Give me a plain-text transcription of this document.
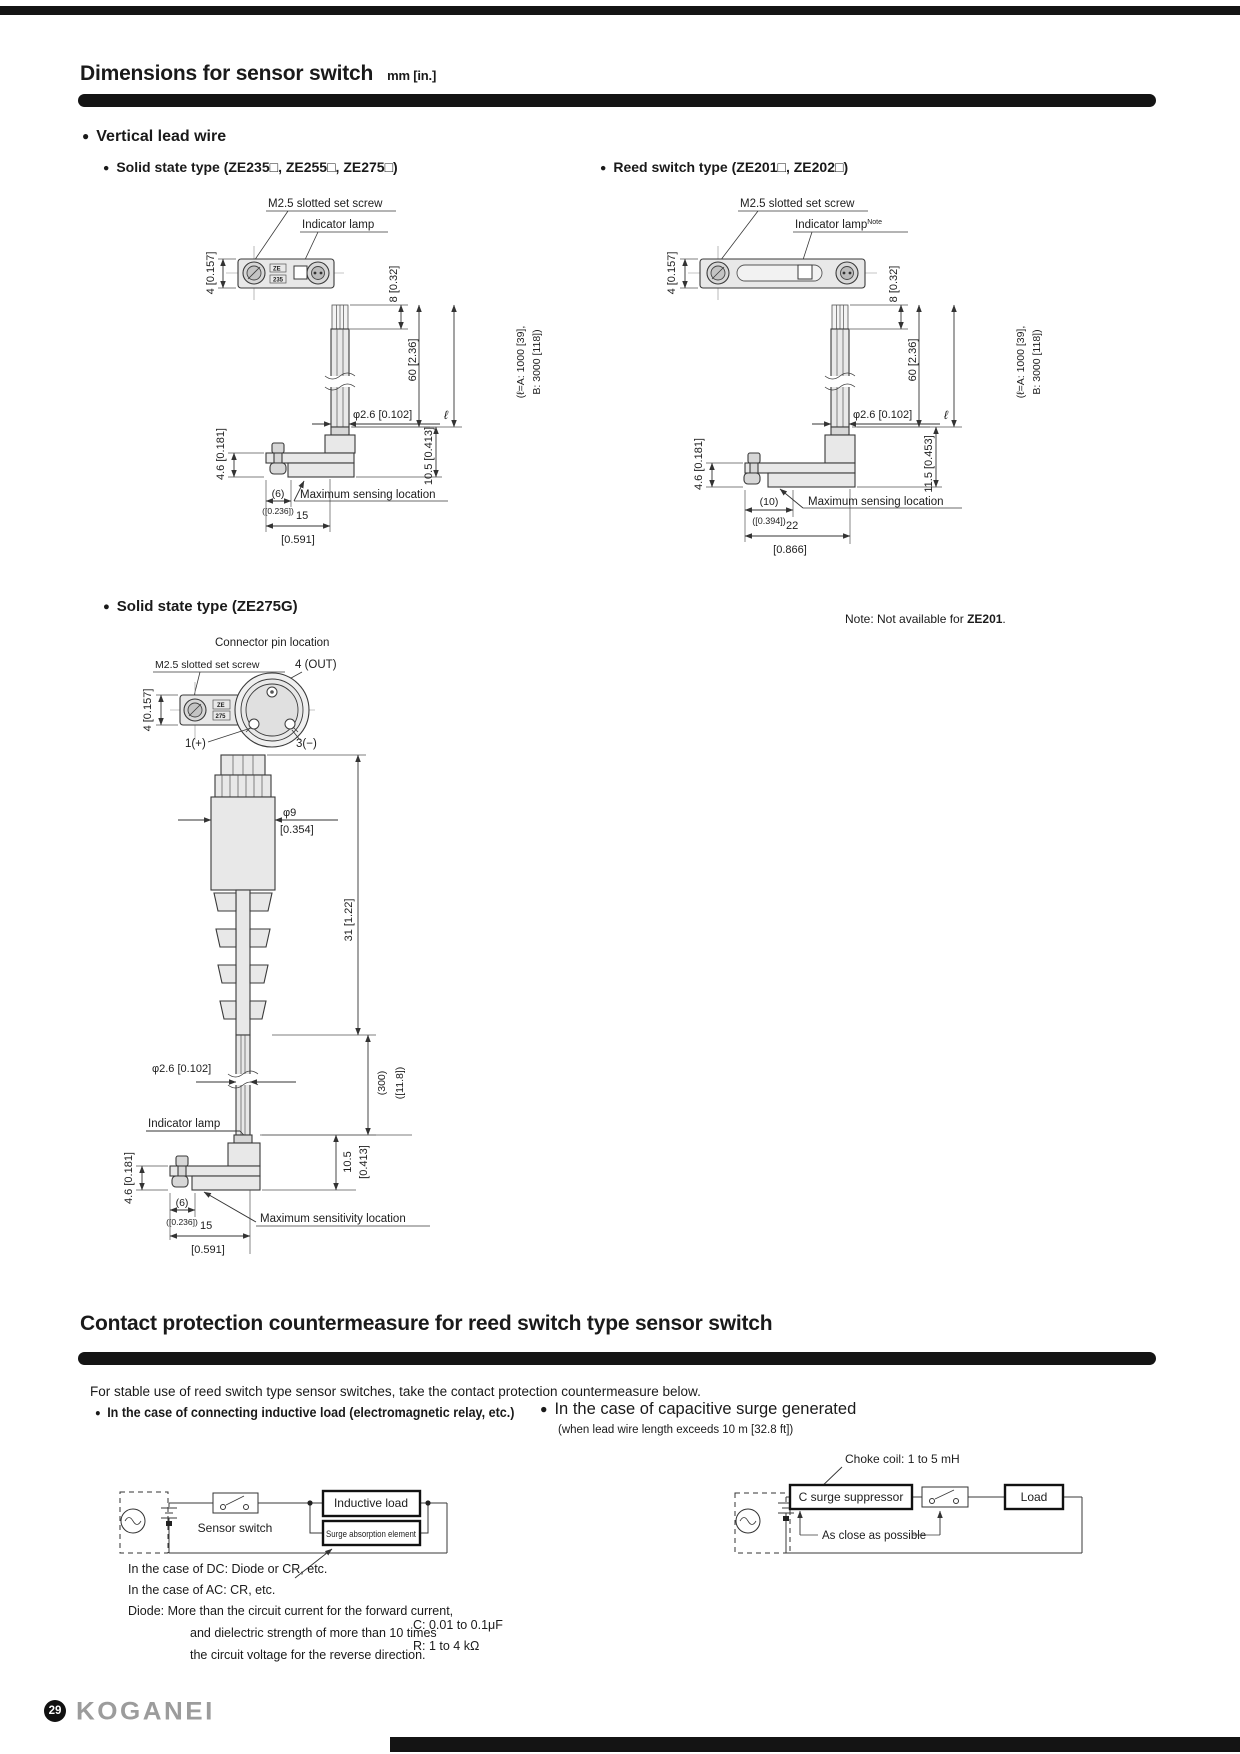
Dimensions for sensor switch mm [in.]
● Vertical lead wire
● Solid state type (ZE235□, ZE255□, ZE275□)	● Reed switch type (ZE201□, ZE202□)
M2.5 slotted set screw
Indicator lamp
ZE
235
4 [0.157]	8 [0.32]
60 [2.36]
φ2.6 [0.102]	ℓ
(ℓ=A: 1000 [39], B: 3000 [118])
10.5 [0.413]
4.6 [0.181]
(6)
([0.236]) 15
[0.591]
Maximum sensing location
M2.5 slotted set screw
Indicator lamp$^{Note}$
4 [0.157]	8 [0.32]
60 [2.36]
φ2.6 [0.102]	ℓ
(ℓ=A: 1000 [39], B: 3000 [118])
11.5 [0.453]
4.6 [0.181]
(10)
([0.394]) 22
[0.866]
Maximum sensing location
Note: Not available for ZE201.
● Solid state type (ZE275G)
Connector pin location
M2.5 slotted set screw	4 (OUT)
ZE
275
1(+)	3(−)
4 [0.157]
φ9
[0.354]
31 [1.22]
φ2.6 [0.102]
(300) ([11.8])
Indicator lamp
10.5 [0.413]
4.6 [0.181]	(6)
([0.236]) 15
[0.591]
Maximum sensitivity location
Contact protection countermeasure for reed switch type sensor switch
For stable use of reed switch type sensor switches, take the contact protection countermeasure below.
● In the case of connecting inductive load (electromagnetic relay, etc.)	● In the case of capacitive surge generated
(when lead wire length exceeds 10 m [32.8 ft])
Inductive load
Surge absorption element
Sensor switch
In the case of DC: Diode or CR, etc.
In the case of AC: CR, etc.
Diode: More than the circuit current for the forward current,
and dielectric strength of more than 10 times
the circuit voltage for the reverse direction.
C: 0.01 to 0.1μF
R: 1 to 4 kΩ
Choke coil: 1 to 5 mH
C surge suppressor	Load
As close as possible
29 KOGANEI
